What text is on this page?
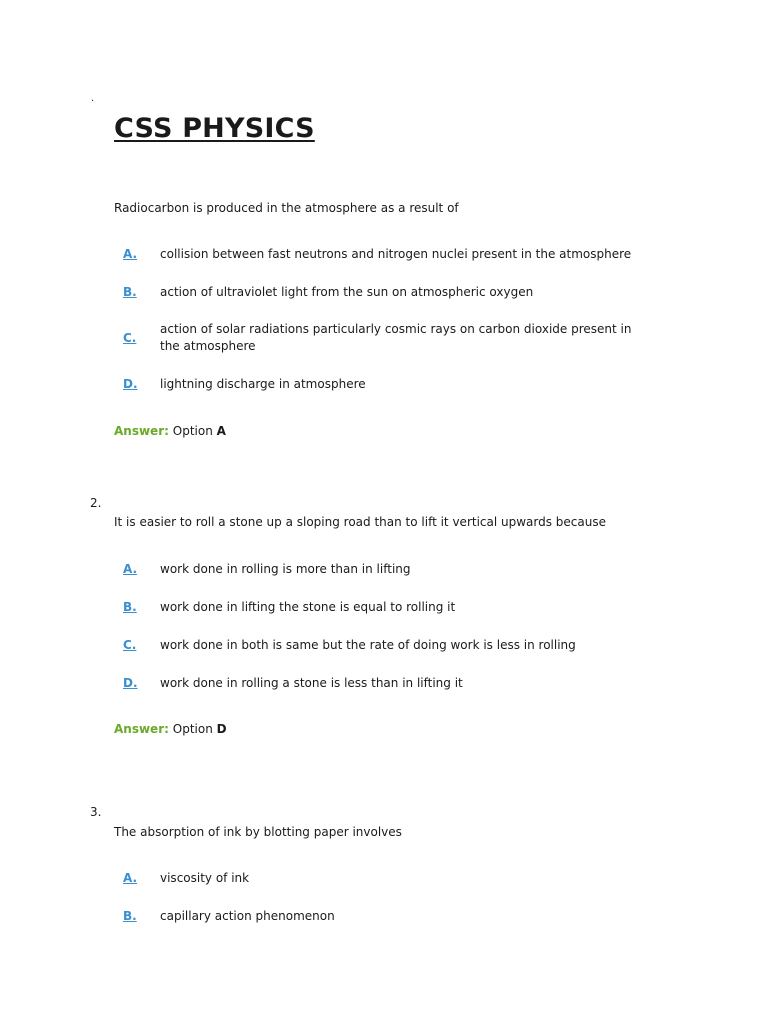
.
CSS PHYSICS
Radiocarbon is produced in the atmosphere as a result of
A. collision between fast neutrons and nitrogen nuclei present in the atmosphere
B. action of ultraviolet light from the sun on atmospheric oxygen
C.
action of solar radiations particularly cosmic rays on carbon dioxide present in the atmosphere
D. lightning discharge in atmosphere
Answer: Option A
2.
It is easier to roll a stone up a sloping road than to lift it vertical upwards because
A. work done in rolling is more than in lifting
B. work done in lifting the stone is equal to rolling it
C. work done in both is same but the rate of doing work is less in rolling
D. work done in rolling a stone is less than in lifting it
Answer: Option D
3.
The absorption of ink by blotting paper involves
A. viscosity of ink
B. capillary action phenomenon
